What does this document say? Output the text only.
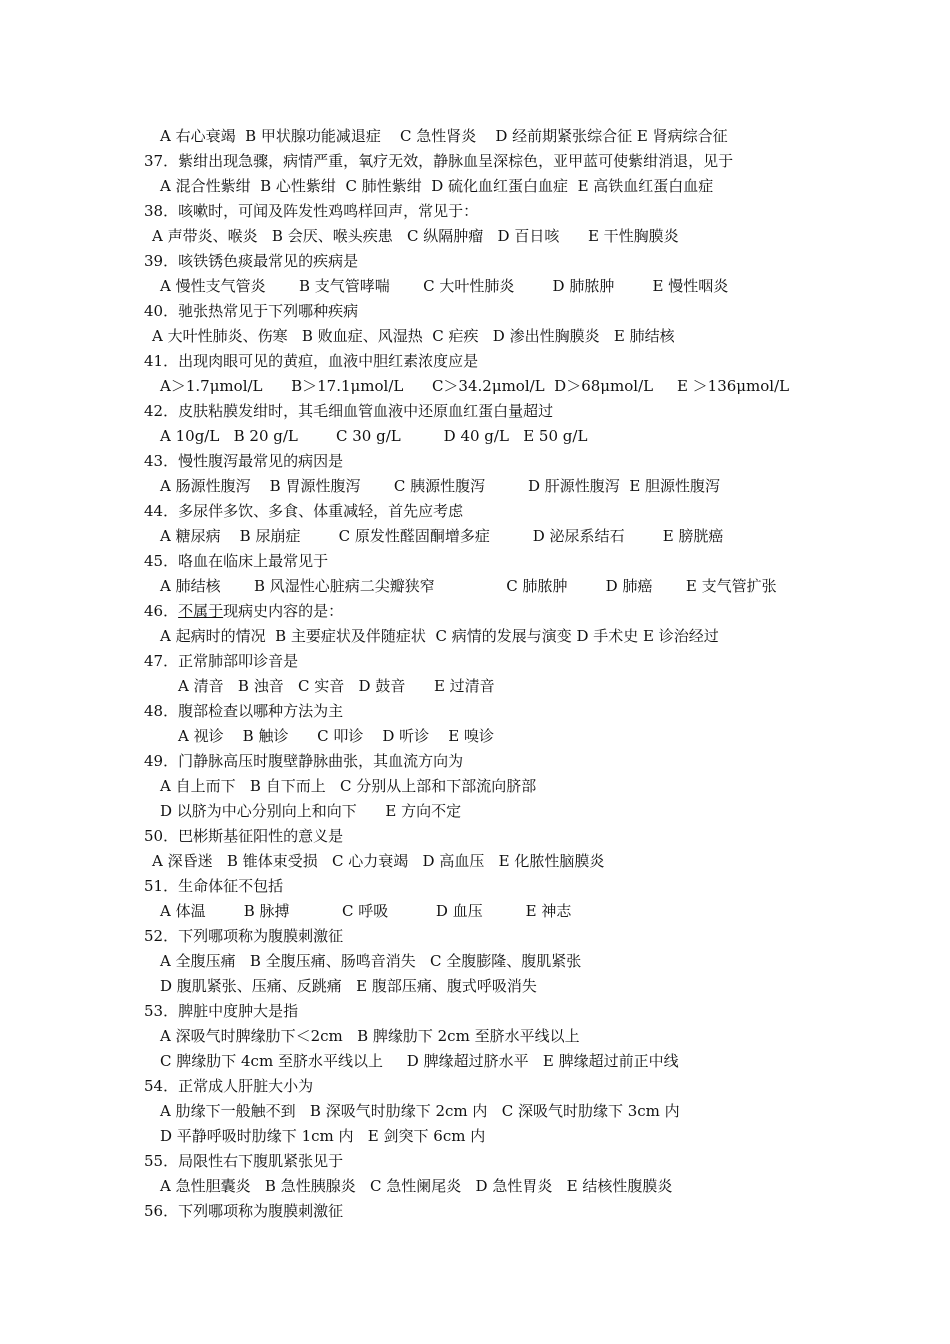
A 右心衰竭  B 甲状腺功能减退症    C 急性肾炎    D 经前期紧张综合征 E 肾病综合征
37．紫绀出现急骤，病情严重，氧疗无效，静脉血呈深棕色，亚甲蓝可使紫绀消退，见于
A 混合性紫绀  B 心性紫绀  C 肺性紫绀  D 硫化血红蛋白血症  E 高铁血红蛋白血症
38．咳嗽时，可闻及阵发性鸡鸣样回声，常见于：
A 声带炎、喉炎   B 会厌、喉头疾患   C 纵隔肿瘤   D 百日咳      E 干性胸膜炎
39．咳铁锈色痰最常见的疾病是
A 慢性支气管炎       B 支气管哮喘       C 大叶性肺炎        D 肺脓肿        E 慢性咽炎
40．驰张热常见于下列哪种疾病
A 大叶性肺炎、伤寒   B 败血症、风湿热  C 疟疾   D 渗出性胸膜炎   E 肺结核
41．出现肉眼可见的黄疸，血液中胆红素浓度应是
A＞1.7μmol/L      B＞17.1μmol/L      C＞34.2μmol/L  D＞68μmol/L     E ＞136μmol/L
42．皮肤粘膜发绀时，其毛细血管血液中还原血红蛋白量超过
A 10g/L   B 20 g/L        C 30 g/L         D 40 g/L   E 50 g/L
43．慢性腹泻最常见的病因是
A 肠源性腹泻    B 胃源性腹泻       C 胰源性腹泻         D 肝源性腹泻  E 胆源性腹泻
44．多尿伴多饮、多食、体重减轻，首先应考虑
A 糖尿病    B 尿崩症        C 原发性醛固酮增多症         D 泌尿系结石        E 膀胱癌
45．咯血在临床上最常见于
A 肺结核       B 风湿性心脏病二尖瓣狭窄               C 肺脓肿        D 肺癌       E 支气管扩张
46．不属于现病史内容的是：
A 起病时的情况  B 主要症状及伴随症状  C 病情的发展与演变 D 手术史 E 诊治经过
47．正常肺部叩诊音是
A 清音   B 浊音   C 实音   D 鼓音      E 过清音
48．腹部检查以哪种方法为主
A 视诊    B 触诊      C 叩诊    D 听诊    E 嗅诊
49．门静脉高压时腹壁静脉曲张，其血流方向为
A 自上而下   B 自下而上   C 分别从上部和下部流向脐部
D 以脐为中心分别向上和向下      E 方向不定
50．巴彬斯基征阳性的意义是
A 深昏迷   B 锥体束受损   C 心力衰竭   D 高血压   E 化脓性脑膜炎
51．生命体征不包括
A 体温        B 脉搏           C 呼吸          D 血压         E 神志
52．下列哪项称为腹膜刺激征
A 全腹压痛   B 全腹压痛、肠鸣音消失   C 全腹膨隆、腹肌紧张
D 腹肌紧张、压痛、反跳痛   E 腹部压痛、腹式呼吸消失
53．脾脏中度肿大是指
A 深吸气时脾缘肋下＜2cm   B 脾缘肋下 2cm 至脐水平线以上
C 脾缘肋下 4cm 至脐水平线以上     D 脾缘超过脐水平   E 脾缘超过前正中线
54．正常成人肝脏大小为
A 肋缘下一般触不到   B 深吸气时肋缘下 2cm 内   C 深吸气时肋缘下 3cm 内
D 平静呼吸时肋缘下 1cm 内   E 剑突下 6cm 内
55．局限性右下腹肌紧张见于
A 急性胆囊炎   B 急性胰腺炎   C 急性阑尾炎   D 急性胃炎   E 结核性腹膜炎
56．下列哪项称为腹膜刺激征
